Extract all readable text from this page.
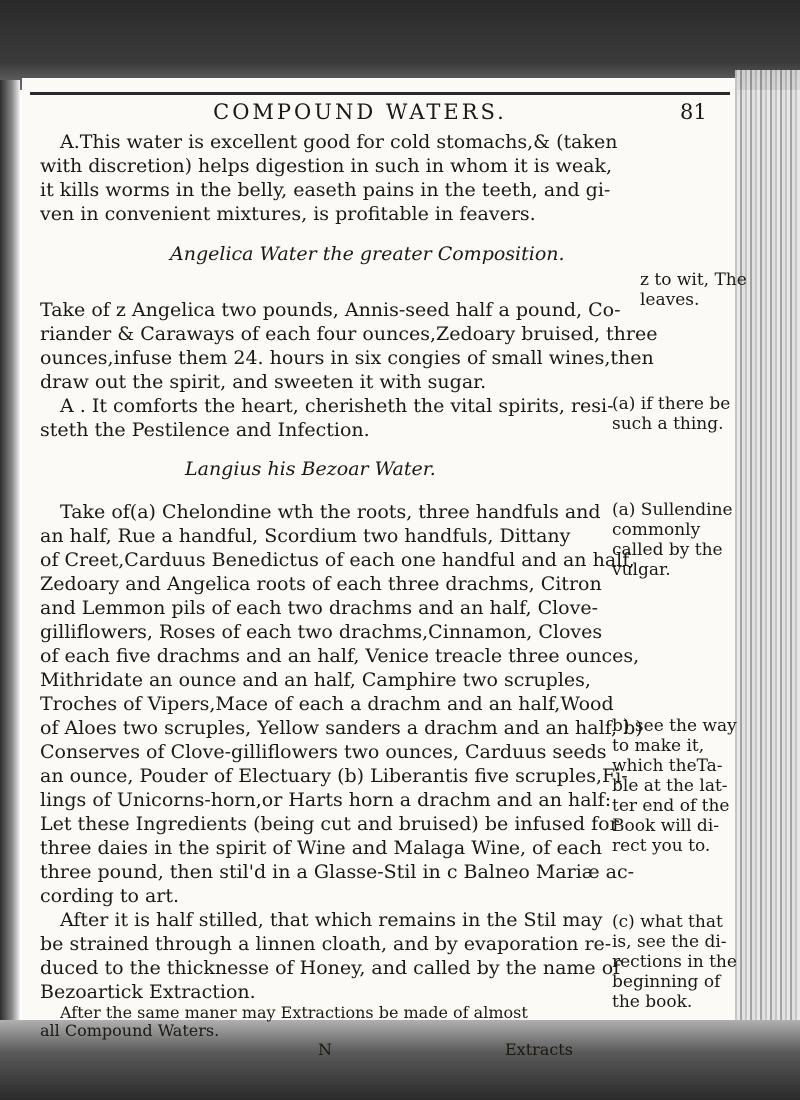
COMPOUND WATERS.	81
A.This water is excellent good for cold stomachs,& (taken
with discretion) helps digestion in such in whom it is weak,
it kills worms in the belly, easeth pains in the teeth, and gi-
ven in convenient mixtures, is profitable in feavers.
Angelica Water the greater Composition.
Take of z Angelica two pounds, Annis-seed half a pound, Co-
riander & Caraways of each four ounces,Zedoary bruised, three
ounces,infuse them 24. hours in six congies of small wines,then
draw out the spirit, and sweeten it with sugar.
A . It comforts the heart, cherisheth the vital spirits, resi-
steth the Pestilence and Infection.
Langius his Bezoar Water.
Take of(a) Chelondine wth the roots, three handfuls and
an half, Rue a handful, Scordium two handfuls, Dittany
of Creet,Carduus Benedictus of each one handful and an half,
Zedoary and Angelica roots of each three drachms, Citron
and Lemmon pils of each two drachms and an half, Clove-
gilliflowers, Roses of each two drachms,Cinnamon, Cloves
of each five drachms and an half, Venice treacle three ounces,
Mithridate an ounce and an half, Camphire two scruples,
Troches of Vipers,Mace of each a drachm and an half,Wood
of Aloes two scruples, Yellow sanders a drachm and an half, b)
Conserves of Clove-gilliflowers two ounces, Carduus seeds
an ounce, Pouder of Electuary (b) Liberantis five scruples,Fi-
lings of Unicorns-horn,or Harts horn a drachm and an half:
Let these Ingredients (being cut and bruised) be infused for
three daies in the spirit of Wine and Malaga Wine, of each
three pound, then stil'd in a Glasse-Stil in c Balneo Mariæ ac-
cording to art.
After it is half stilled, that which remains in the Stil may
be strained through a linnen cloath, and by evaporation re-
duced to the thicknesse of Honey, and called by the name of
Bezoartick Extraction.
After the same maner may Extractions be made of almost
all Compound Waters.
z to wit, The
leaves.
(a) if there be
such a thing.
(a) Sullendine
commonly
called by the
vulgar.
b) see the way
to make it,
which theTa-
ble at the lat-
ter end of the
Book will di-
rect you to.
(c) what that
is, see the di-
rections in the
beginning of
the book.
N	Extracts
